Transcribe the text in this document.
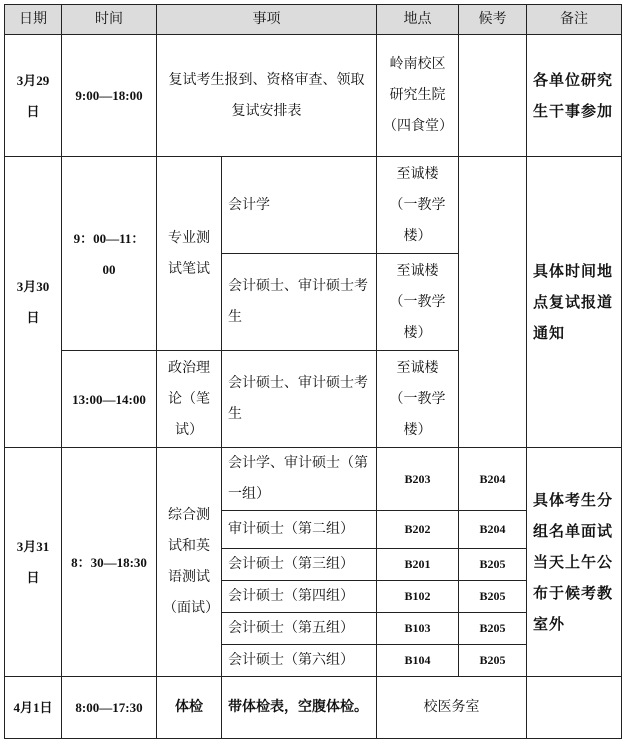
日期	时间	事项		地点	候考	备注
3月29日	9:00—18:00	复试考生报到、资格审查、领取复试安排表		岭南校区研究生院（四食堂）		各单位研究生干事参加
3月30日	9：00—11：00	专业测试笔试	会计学	至诚楼（一教学楼）		具体时间地点复试报道通知
			会计硕士、审计硕士考生	至诚楼（一教学楼）		
	13:00—14:00	政治理论（笔试）	会计硕士、审计硕士考生	至诚楼（一教学楼）		
3月31日	8：30—18:30	综合测试和英语测试（面试）	会计学、审计硕士（第一组）	B203	B204	具体考生分组名单面试当天上午公布于候考教室外
			审计硕士（第二组）	B202	B204	
			会计硕士（第三组）	B201	B205	
			会计硕士（第四组）	B102	B205	
			会计硕士（第五组）	B103	B205	
			会计硕士（第六组）	B104	B205	
4月1日	8:00—17:30	体检	带体检表，空腹体检。	校医务室		
